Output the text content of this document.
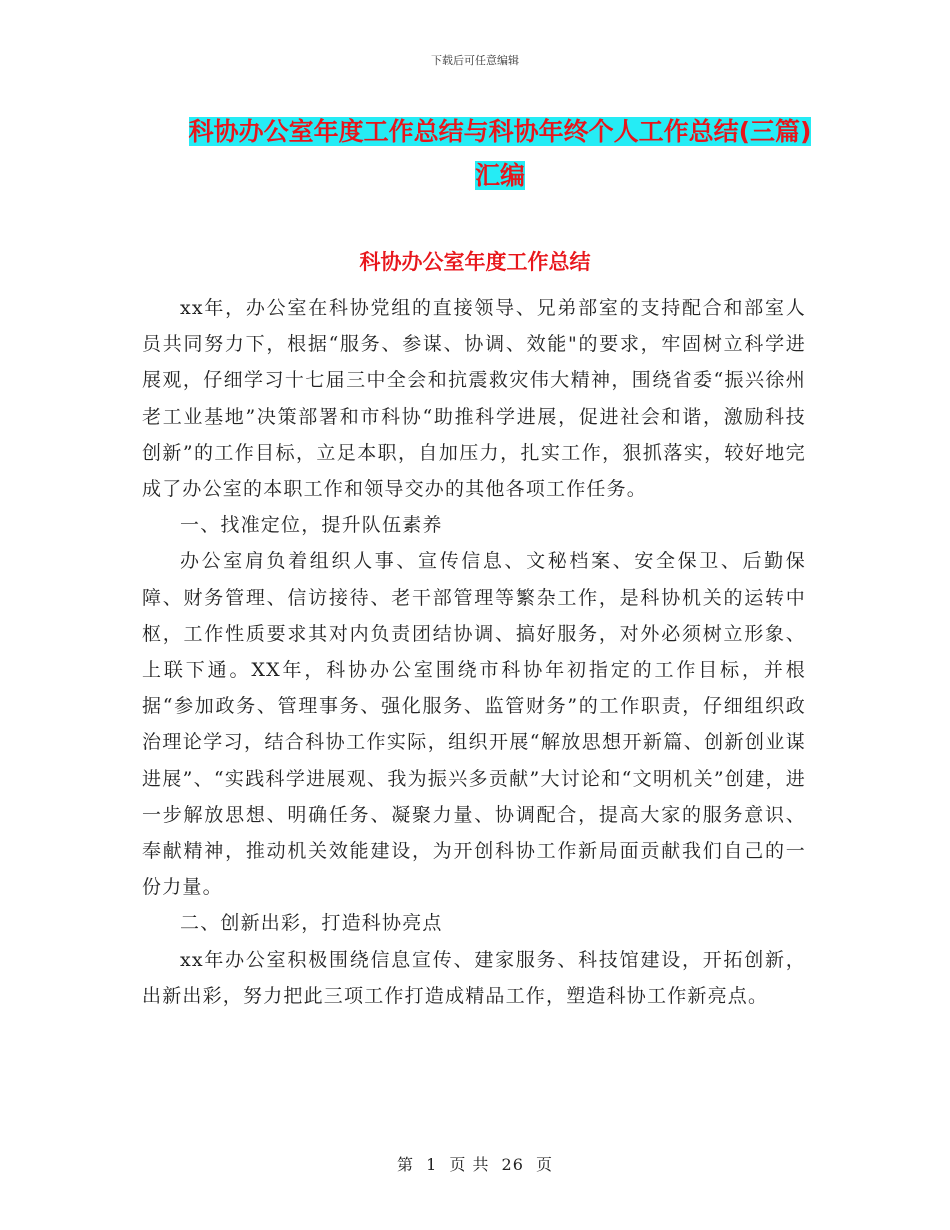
下载后可任意编辑
科协办公室年度工作总结与科协年终个人工作总结(三篇)汇编
科协办公室年度工作总结

xx年，办公室在科协党组的直接领导、兄弟部室的支持配合和部室人员共同努力下，根据“服务、参谋、协调、效能"的要求，牢固树立科学进展观，仔细学习十七届三中全会和抗震救灾伟大精神，围绕省委“振兴徐州老工业基地”决策部署和市科协“助推科学进展，促进社会和谐，激励科技创新”的工作目标，立足本职，自加压力，扎实工作，狠抓落实，较好地完成了办公室的本职工作和领导交办的其他各项工作任务。

一、找准定位，提升队伍素养

办公室肩负着组织人事、宣传信息、文秘档案、安全保卫、后勤保障、财务管理、信访接待、老干部管理等繁杂工作，是科协机关的运转中枢，工作性质要求其对内负责团结协调、搞好服务，对外必须树立形象、上联下通。XX年，科协办公室围绕市科协年初指定的工作目标，并根据“参加政务、管理事务、强化服务、监管财务”的工作职责，仔细组织政治理论学习，结合科协工作实际，组织开展“解放思想开新篇、创新创业谋进展”、“实践科学进展观、我为振兴多贡献”大讨论和“文明机关”创建，进一步解放思想、明确任务、凝聚力量、协调配合，提高大家的服务意识、奉献精神，推动机关效能建设，为开创科协工作新局面贡献我们自己的一份力量。

二、创新出彩，打造科协亮点

xx年办公室积极围绕信息宣传、建家服务、科技馆建设，开拓创新，出新出彩，努力把此三项工作打造成精品工作，塑造科协工作新亮点。

第 1 页 共 26 页
